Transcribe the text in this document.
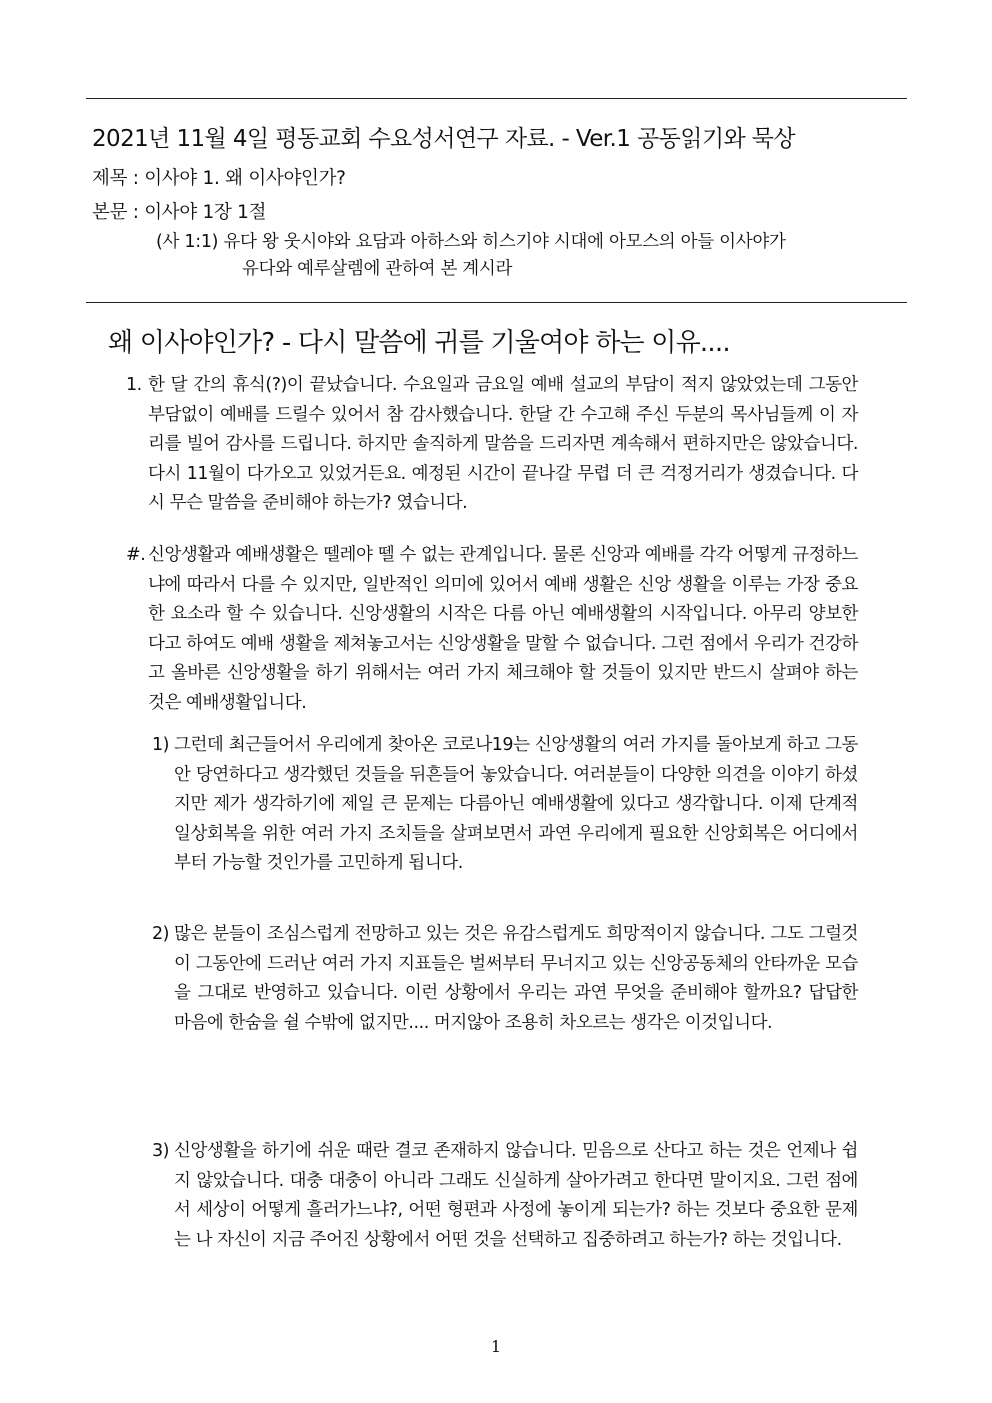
2021년 11월 4일 평동교회 수요성서연구 자료. - Ver.1 공동읽기와 묵상
제목 : 이사야 1. 왜 이사야인가?
본문 : 이사야 1장 1절
(사 1:1) 유다 왕 웃시야와 요담과 아하스와 히스기야 시대에 아모스의 아들 이사야가
유다와 예루살렘에 관하여 본 계시라
왜 이사야인가? - 다시 말씀에 귀를 기울여야 하는 이유....
1. 한 달 간의 휴식(?)이 끝났습니다. 수요일과 금요일 예배 설교의 부담이 적지 않았었는데 그동안 부담없이 예배를 드릴수 있어서 참 감사했습니다. 한달 간 수고해 주신 두분의 목사님들께 이 자리를 빌어 감사를 드립니다. 하지만 솔직하게 말씀을 드리자면 계속해서 편하지만은 않았습니다. 다시 11월이 다가오고 있었거든요. 예정된 시간이 끝나갈 무렵 더 큰 걱정거리가 생겼습니다. 다시 무슨 말씀을 준비해야 하는가? 였습니다.
#. 신앙생활과 예배생활은 뗄레야 뗄 수 없는 관계입니다. 물론 신앙과 예배를 각각 어떻게 규정하느냐에 따라서 다를 수 있지만, 일반적인 의미에 있어서 예배 생활은 신앙 생활을 이루는 가장 중요한 요소라 할 수 있습니다. 신앙생활의 시작은 다름 아닌 예배생활의 시작입니다. 아무리 양보한다고 하여도 예배 생활을 제쳐놓고서는 신앙생활을 말할 수 없습니다. 그런 점에서 우리가 건강하고 올바른 신앙생활을 하기 위해서는 여러 가지 체크해야 할 것들이 있지만 반드시 살펴야 하는 것은 예배생활입니다.
1) 그런데 최근들어서 우리에게 찾아온 코로나19는 신앙생활의 여러 가지를 돌아보게 하고 그동안 당연하다고 생각했던 것들을 뒤흔들어 놓았습니다. 여러분들이 다양한 의견을 이야기 하셨지만 제가 생각하기에 제일 큰 문제는 다름아닌 예배생활에 있다고 생각합니다. 이제 단계적 일상회복을 위한 여러 가지 조치들을 살펴보면서 과연 우리에게 필요한 신앙회복은 어디에서부터 가능할 것인가를 고민하게 됩니다.
2) 많은 분들이 조심스럽게 전망하고 있는 것은 유감스럽게도 희망적이지 않습니다. 그도 그럴것이 그동안에 드러난 여러 가지 지표들은 벌써부터 무너지고 있는 신앙공동체의 안타까운 모습을 그대로 반영하고 있습니다. 이런 상황에서 우리는 과연 무엇을 준비해야 할까요? 답답한 마음에 한숨을 쉴 수밖에 없지만.... 머지않아 조용히 차오르는 생각은 이것입니다.
3) 신앙생활을 하기에 쉬운 때란 결코 존재하지 않습니다. 믿음으로 산다고 하는 것은 언제나 쉽지 않았습니다. 대충 대충이 아니라 그래도 신실하게 살아가려고 한다면 말이지요. 그런 점에서 세상이 어떻게 흘러가느냐?, 어떤 형편과 사정에 놓이게 되는가? 하는 것보다 중요한 문제는 나 자신이 지금 주어진 상황에서 어떤 것을 선택하고 집중하려고 하는가? 하는 것입니다.
1
